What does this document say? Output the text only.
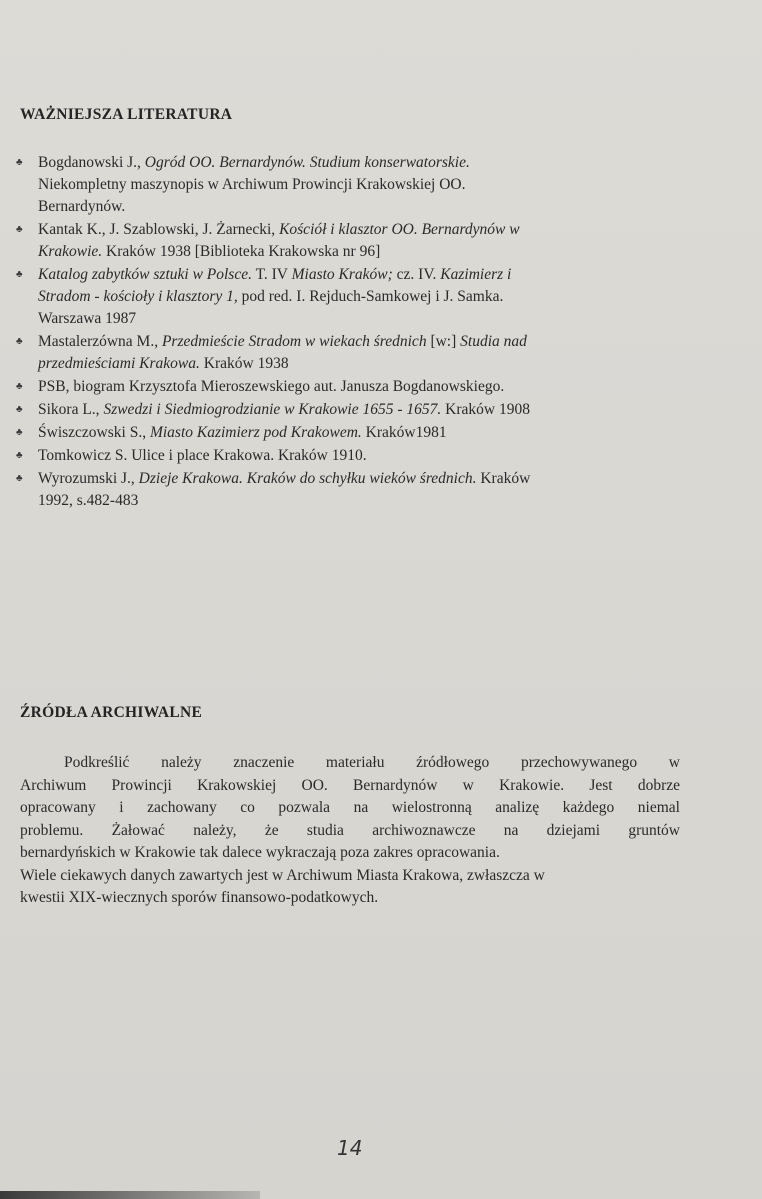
WAŻNIEJSZA LITERATURA
♣ Bogdanowski J., Ogród OO. Bernardynów. Studium konserwatorskie.
Niekompletny maszynopis w Archiwum Prowincji Krakowskiej OO.
Bernardynów.
♣ Kantak K., J. Szablowski, J. Żarnecki, Kościół i klasztor OO. Bernardynów w
Krakowie. Kraków 1938 [Biblioteka Krakowska nr 96]
♣ Katalog zabytków sztuki w Polsce. T. IV Miasto Kraków; cz. IV. Kazimierz i
Stradom - kościoły i klasztory 1, pod red. I. Rejduch-Samkowej i J. Samka.
Warszawa 1987
♣ Mastalerzówna M., Przedmieście Stradom w wiekach średnich [w:] Studia nad
przedmieściami Krakowa. Kraków 1938
♣ PSB, biogram Krzysztofa Mieroszewskiego aut. Janusza Bogdanowskiego.
♣ Sikora L., Szwedzi i Siedmiogrodzianie w Krakowie 1655 - 1657. Kraków 1908
♣ Świszczowski S., Miasto Kazimierz pod Krakowem. Kraków1981
♣ Tomkowicz S. Ulice i place Krakowa. Kraków 1910.
♣ Wyrozumski J., Dzieje Krakowa. Kraków do schyłku wieków średnich. Kraków
1992, s.482-483
ŹRÓDŁA ARCHIWALNE
Podkreślić należy znaczenie materiału źródłowego przechowywanego w
Archiwum Prowincji Krakowskiej OO. Bernardynów w Krakowie. Jest dobrze
opracowany i zachowany co pozwala na wielostronną analizę każdego niemal
problemu. Żałować należy, że studia archiwoznawcze na dziejami gruntów
bernardyńskich w Krakowie tak dalece wykraczają poza zakres opracowania.
Wiele ciekawych danych zawartych jest w Archiwum Miasta Krakowa, zwłaszcza w
kwestii XIX-wiecznych sporów finansowo-podatkowych.
14
